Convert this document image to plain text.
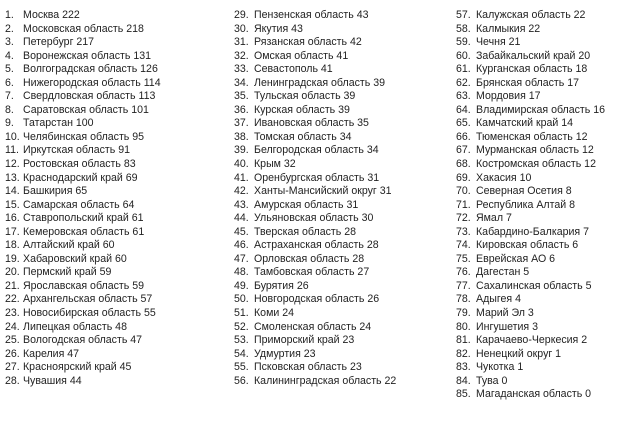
1. Москва 222
2. Московская область 218
3. Петербург 217
4. Воронежская область 131
5. Волгоградская область 126
6. Нижегородская область 114
7. Свердловская область 113
8. Саратовская область 101
9. Татарстан 100
10. Челябинская область 95
11. Иркутская область 91
12. Ростовская область 83
13. Краснодарский край 69
14. Башкирия 65
15. Самарская область 64
16. Ставропольский край 61
17. Кемеровская область 61
18. Алтайский край 60
19. Хабаровский край 60
20. Пермский край 59
21. Ярославская область 59
22. Архангельская область 57
23. Новосибирская область 55
24. Липецкая область 48
25. Вологодская область 47
26. Карелия 47
27. Красноярский край 45
28. Чувашия 44
29. Пензенская область 43
30. Якутия 43
31. Рязанская область 42
32. Омская область 41
33. Севастополь 41
34. Ленинградская область 39
35. Тульская область 39
36. Курская область 39
37. Ивановская область 35
38. Томская область 34
39. Белгородская область 34
40. Крым 32
41. Оренбургская область 31
42. Ханты-Мансийский округ 31
43. Амурская область 31
44. Ульяновская область 30
45. Тверская область 28
46. Астраханская область 28
47. Орловская область 28
48. Тамбовская область 27
49. Бурятия 26
50. Новгородская область 26
51. Коми 24
52. Смоленская область 24
53. Приморский край 23
54. Удмуртия 23
55. Псковская область 23
56. Калининградская область 22
57. Калужская область 22
58. Калмыкия 22
59. Чечня 21
60. Забайкальский край 20
61. Курганская область 18
62. Брянская область 17
63. Мордовия 17
64. Владимирская область 16
65. Камчатский край 14
66. Тюменская область 12
67. Мурманская область 12
68. Костромская область 12
69. Хакасия 10
70. Северная Осетия 8
71. Республика Алтай 8
72. Ямал 7
73. Кабардино-Балкария 7
74. Кировская область 6
75. Еврейская АО 6
76. Дагестан 5
77. Сахалинская область 5
78. Адыгея 4
79. Марий Эл 3
80. Ингушетия 3
81. Карачаево-Черкесия 2
82. Ненецкий округ 1
83. Чукотка 1
84. Тува 0
85. Магаданская область 0
